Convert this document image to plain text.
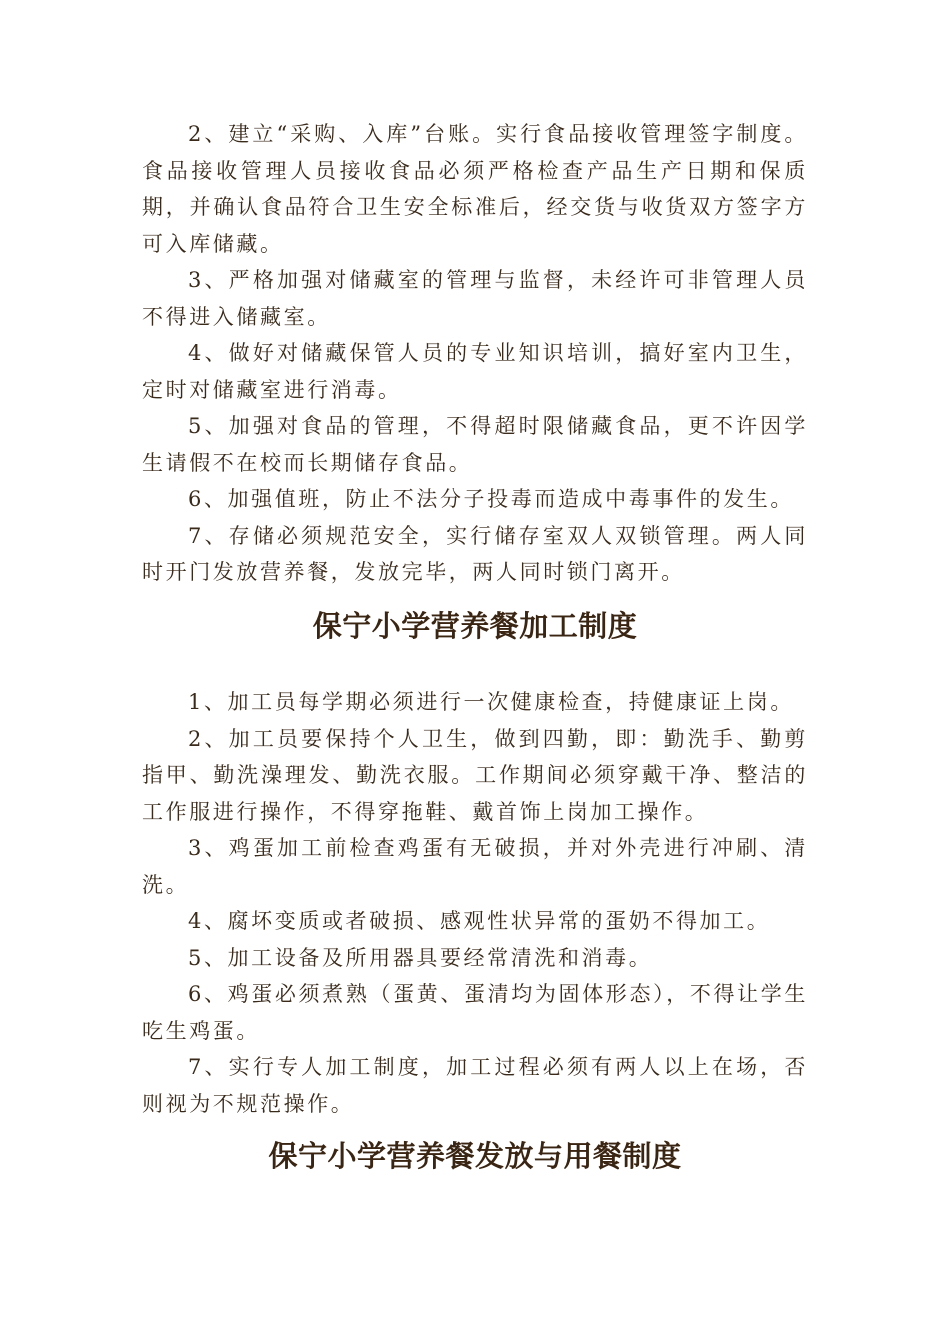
2、建立“采购、入库”台账。实行食品接收管理签字制度。食品接收管理人员接收食品必须严格检查产品生产日期和保质期，并确认食品符合卫生安全标准后，经交货与收货双方签字方可入库储藏。

3、严格加强对储藏室的管理与监督，未经许可非管理人员不得进入储藏室。

4、做好对储藏保管人员的专业知识培训，搞好室内卫生，定时对储藏室进行消毒。

5、加强对食品的管理，不得超时限储藏食品，更不许因学生请假不在校而长期储存食品。

6、加强值班，防止不法分子投毒而造成中毒事件的发生。

7、存储必须规范安全，实行储存室双人双锁管理。两人同时开门发放营养餐，发放完毕，两人同时锁门离开。

保宁小学营养餐加工制度

1、加工员每学期必须进行一次健康检查，持健康证上岗。

2、加工员要保持个人卫生，做到四勤，即：勤洗手、勤剪指甲、勤洗澡理发、勤洗衣服。工作期间必须穿戴干净、整洁的工作服进行操作，不得穿拖鞋、戴首饰上岗加工操作。

3、鸡蛋加工前检查鸡蛋有无破损，并对外壳进行冲刷、清洗。

4、腐坏变质或者破损、感观性状异常的蛋奶不得加工。

5、加工设备及所用器具要经常清洗和消毒。

6、鸡蛋必须煮熟（蛋黄、蛋清均为固体形态），不得让学生吃生鸡蛋。

7、实行专人加工制度，加工过程必须有两人以上在场，否则视为不规范操作。

保宁小学营养餐发放与用餐制度
